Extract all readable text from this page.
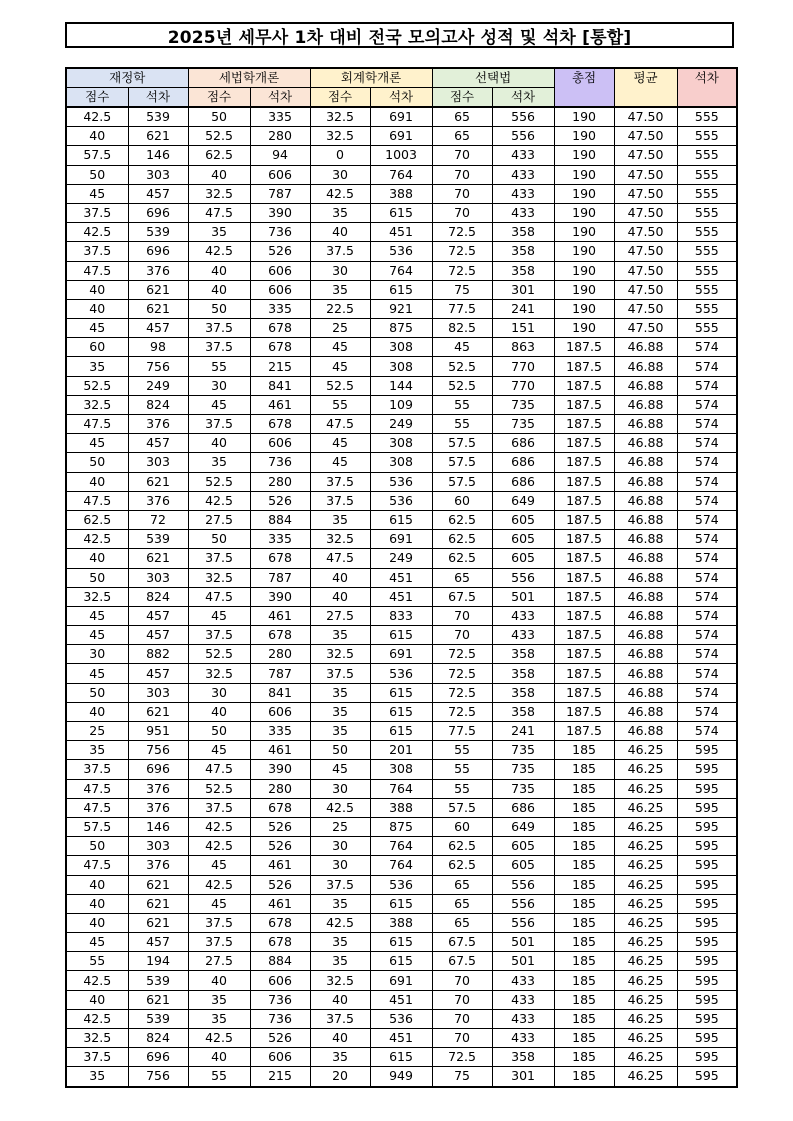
2025년 세무사 1차 대비 전국 모의고사 성적 및 석차 [통합]
재정학		세법학개론		회계학개론		선택법		총점	평균	석차
점수	석차	점수	석차	점수	석차	점수	석차			
42.5	539	50	335	32.5	691	65	556	190	47.50	555
40	621	52.5	280	32.5	691	65	556	190	47.50	555
57.5	146	62.5	94	0	1003	70	433	190	47.50	555
50	303	40	606	30	764	70	433	190	47.50	555
45	457	32.5	787	42.5	388	70	433	190	47.50	555
37.5	696	47.5	390	35	615	70	433	190	47.50	555
42.5	539	35	736	40	451	72.5	358	190	47.50	555
37.5	696	42.5	526	37.5	536	72.5	358	190	47.50	555
47.5	376	40	606	30	764	72.5	358	190	47.50	555
40	621	40	606	35	615	75	301	190	47.50	555
40	621	50	335	22.5	921	77.5	241	190	47.50	555
45	457	37.5	678	25	875	82.5	151	190	47.50	555
60	98	37.5	678	45	308	45	863	187.5	46.88	574
35	756	55	215	45	308	52.5	770	187.5	46.88	574
52.5	249	30	841	52.5	144	52.5	770	187.5	46.88	574
32.5	824	45	461	55	109	55	735	187.5	46.88	574
47.5	376	37.5	678	47.5	249	55	735	187.5	46.88	574
45	457	40	606	45	308	57.5	686	187.5	46.88	574
50	303	35	736	45	308	57.5	686	187.5	46.88	574
40	621	52.5	280	37.5	536	57.5	686	187.5	46.88	574
47.5	376	42.5	526	37.5	536	60	649	187.5	46.88	574
62.5	72	27.5	884	35	615	62.5	605	187.5	46.88	574
42.5	539	50	335	32.5	691	62.5	605	187.5	46.88	574
40	621	37.5	678	47.5	249	62.5	605	187.5	46.88	574
50	303	32.5	787	40	451	65	556	187.5	46.88	574
32.5	824	47.5	390	40	451	67.5	501	187.5	46.88	574
45	457	45	461	27.5	833	70	433	187.5	46.88	574
45	457	37.5	678	35	615	70	433	187.5	46.88	574
30	882	52.5	280	32.5	691	72.5	358	187.5	46.88	574
45	457	32.5	787	37.5	536	72.5	358	187.5	46.88	574
50	303	30	841	35	615	72.5	358	187.5	46.88	574
40	621	40	606	35	615	72.5	358	187.5	46.88	574
25	951	50	335	35	615	77.5	241	187.5	46.88	574
35	756	45	461	50	201	55	735	185	46.25	595
37.5	696	47.5	390	45	308	55	735	185	46.25	595
47.5	376	52.5	280	30	764	55	735	185	46.25	595
47.5	376	37.5	678	42.5	388	57.5	686	185	46.25	595
57.5	146	42.5	526	25	875	60	649	185	46.25	595
50	303	42.5	526	30	764	62.5	605	185	46.25	595
47.5	376	45	461	30	764	62.5	605	185	46.25	595
40	621	42.5	526	37.5	536	65	556	185	46.25	595
40	621	45	461	35	615	65	556	185	46.25	595
40	621	37.5	678	42.5	388	65	556	185	46.25	595
45	457	37.5	678	35	615	67.5	501	185	46.25	595
55	194	27.5	884	35	615	67.5	501	185	46.25	595
42.5	539	40	606	32.5	691	70	433	185	46.25	595
40	621	35	736	40	451	70	433	185	46.25	595
42.5	539	35	736	37.5	536	70	433	185	46.25	595
32.5	824	42.5	526	40	451	70	433	185	46.25	595
37.5	696	40	606	35	615	72.5	358	185	46.25	595
35	756	55	215	20	949	75	301	185	46.25	595
